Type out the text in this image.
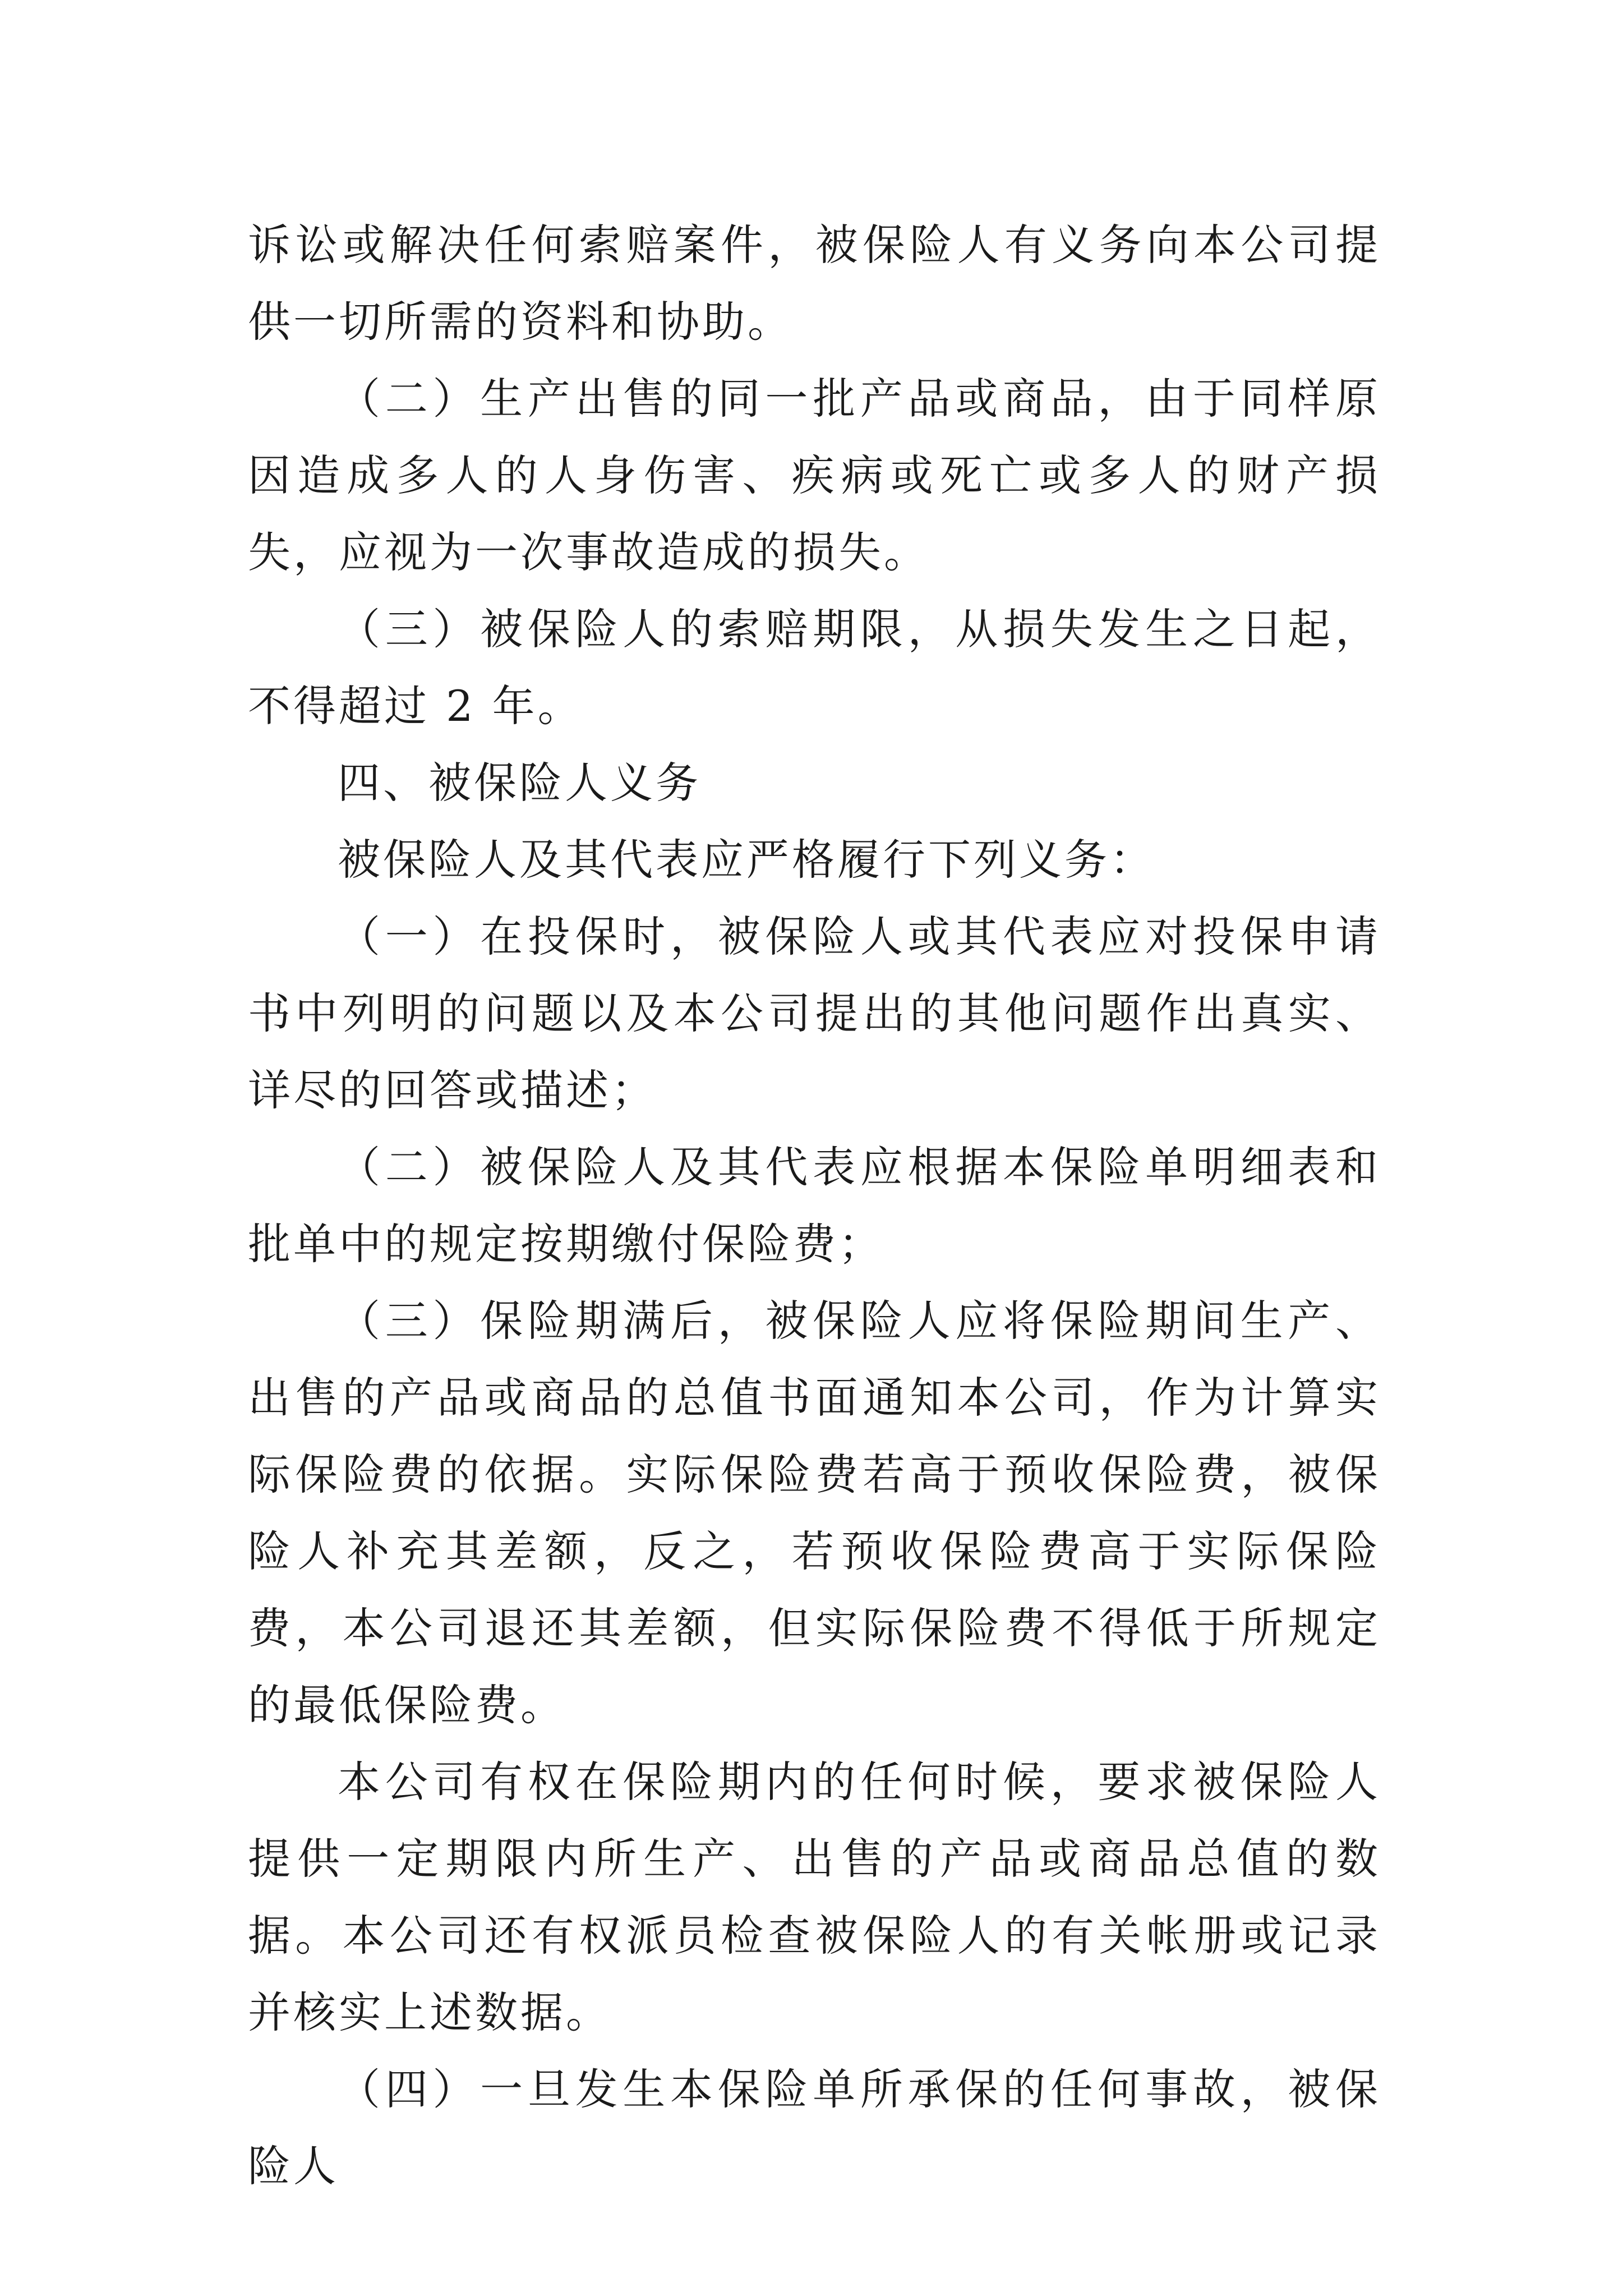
诉讼或解决任何索赔案件，被保险人有义务向本公司提供一切所需的资料和协助。

（二）生产出售的同一批产品或商品，由于同样原因造成多人的人身伤害、疾病或死亡或多人的财产损失，应视为一次事故造成的损失。

（三）被保险人的索赔期限，从损失发生之日起，不得超过 2 年。

四、被保险人义务

被保险人及其代表应严格履行下列义务：

（一）在投保时，被保险人或其代表应对投保申请书中列明的问题以及本公司提出的其他问题作出真实、详尽的回答或描述；

（二）被保险人及其代表应根据本保险单明细表和批单中的规定按期缴付保险费；

（三）保险期满后，被保险人应将保险期间生产、出售的产品或商品的总值书面通知本公司，作为计算实际保险费的依据。实际保险费若高于预收保险费，被保险人补充其差额，反之，若预收保险费高于实际保险费，本公司退还其差额，但实际保险费不得低于所规定的最低保险费。

本公司有权在保险期内的任何时候，要求被保险人提供一定期限内所生产、出售的产品或商品总值的数据。本公司还有权派员检查被保险人的有关帐册或记录并核实上述数据。

（四）一旦发生本保险单所承保的任何事故，被保险人
